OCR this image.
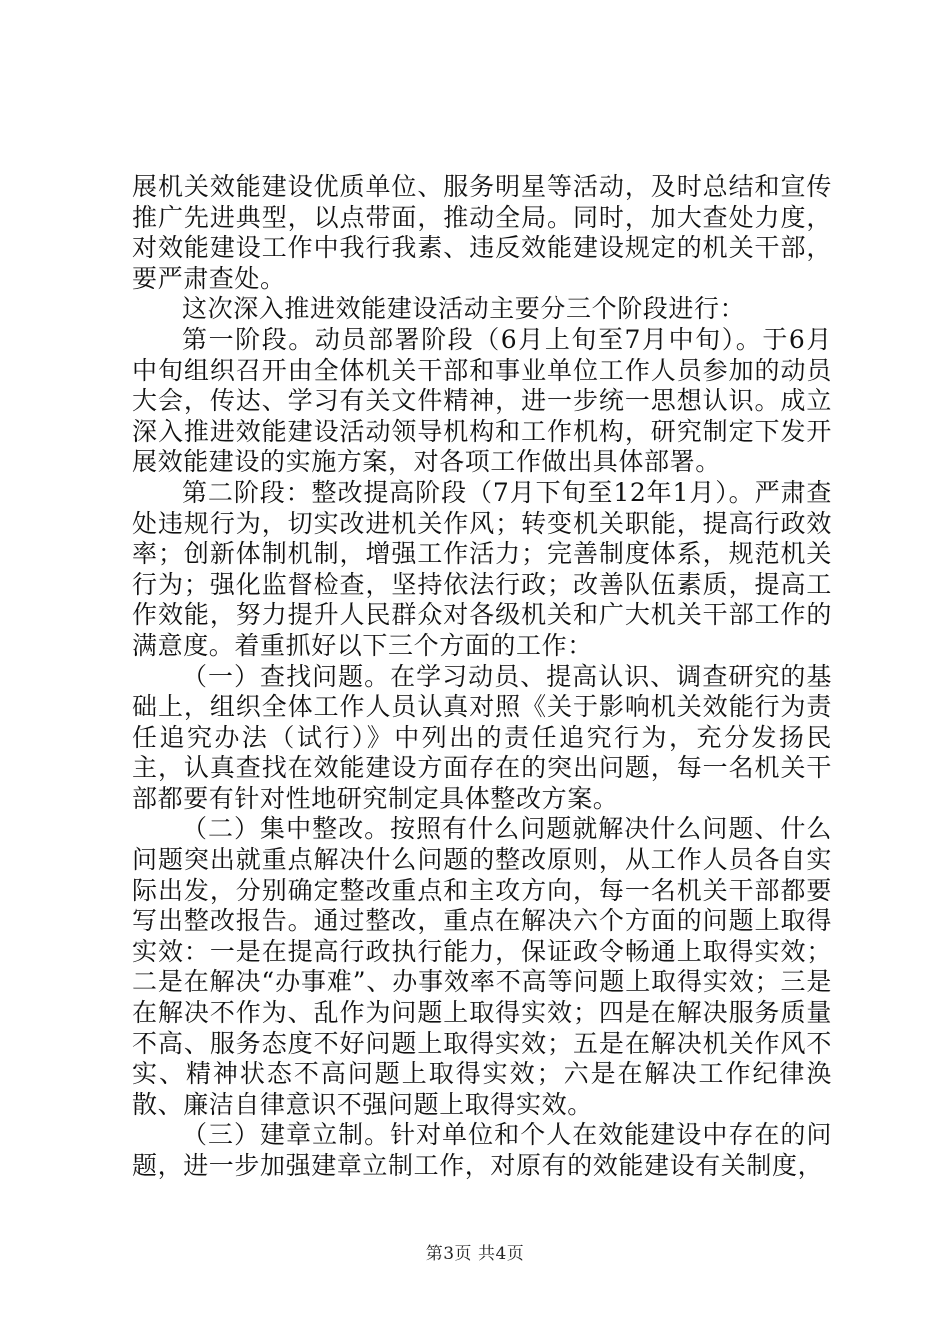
展机关效能建设优质单位、服务明星等活动，及时总结和宣传推广先进典型，以点带面，推动全局。同时，加大查处力度，对效能建设工作中我行我素、违反效能建设规定的机关干部，要严肃查处。

这次深入推进效能建设活动主要分三个阶段进行：

第一阶段。动员部署阶段（6月上旬至7月中旬）。于6月中旬组织召开由全体机关干部和事业单位工作人员参加的动员大会，传达、学习有关文件精神，进一步统一思想认识。成立深入推进效能建设活动领导机构和工作机构，研究制定下发开展效能建设的实施方案，对各项工作做出具体部署。

第二阶段：整改提高阶段（7月下旬至12年1月）。严肃查处违规行为，切实改进机关作风；转变机关职能，提高行政效率；创新体制机制，增强工作活力；完善制度体系，规范机关行为；强化监督检查，坚持依法行政；改善队伍素质，提高工作效能，努力提升人民群众对各级机关和广大机关干部工作的满意度。着重抓好以下三个方面的工作：

（一）查找问题。在学习动员、提高认识、调查研究的基础上，组织全体工作人员认真对照《关于影响机关效能行为责任追究办法（试行）》中列出的责任追究行为，充分发扬民主，认真查找在效能建设方面存在的突出问题，每一名机关干部都要有针对性地研究制定具体整改方案。

（二）集中整改。按照有什么问题就解决什么问题、什么问题突出就重点解决什么问题的整改原则，从工作人员各自实际出发，分别确定整改重点和主攻方向，每一名机关干部都要写出整改报告。通过整改，重点在解决六个方面的问题上取得实效：一是在提高行政执行能力，保证政令畅通上取得实效；二是在解决“办事难”、办事效率不高等问题上取得实效；三是在解决不作为、乱作为问题上取得实效；四是在解决服务质量不高、服务态度不好问题上取得实效；五是在解决机关作风不实、精神状态不高问题上取得实效；六是在解决工作纪律涣散、廉洁自律意识不强问题上取得实效。

（三）建章立制。针对单位和个人在效能建设中存在的问题，进一步加强建章立制工作，对原有的效能建设有关制度，

第3页 共4页
